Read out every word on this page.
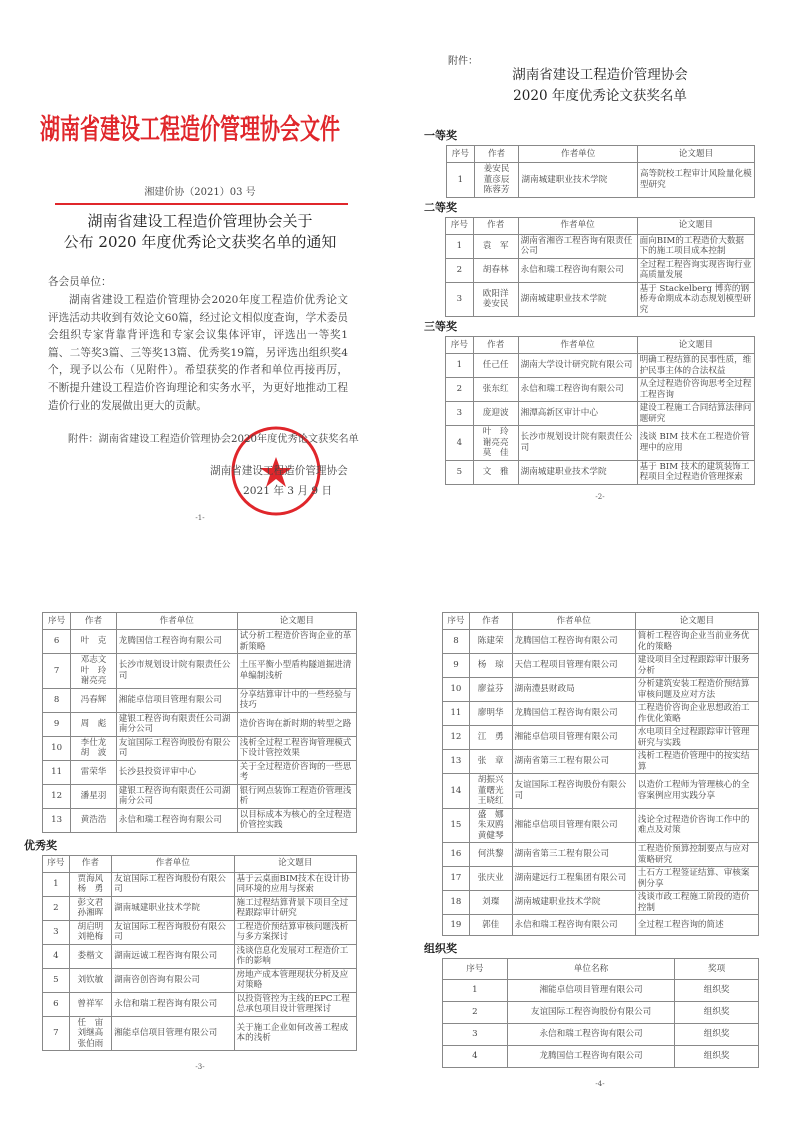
湖南省建设工程造价管理协会文件
湘建价协（2021）03 号
湖南省建设工程造价管理协会关于
公布 2020 年度优秀论文获奖名单的通知
各会员单位：
湖南省建设工程造价管理协会2020年度工程造价优秀论文评选活动共收到有效论文60篇，经过论文相似度查询，学术委员会组织专家背靠背评选和专家会议集体评审，评选出一等奖1篇、二等奖3篇、三等奖13篇、优秀奖19篇，另评选出组织奖4个，现予以公布（见附件）。希望获奖的作者和单位再接再厉，不断提升建设工程造价咨询理论和实务水平，为更好地推动工程造价行业的发展做出更大的贡献。
附件：湖南省建设工程造价管理协会2020年度优秀论文获奖名单
湖南省建设工程造价管理协会
2021 年 3 月 9 日
-1-
附件：
湖南省建设工程造价管理协会
2020 年度优秀论文获奖名单
一等奖
序号	作者	作者单位	论文题目
1	姜安民
董彦辰
陈蓉芳	湖南城建职业技术学院	高等院校工程审计风险量化模型研究
二等奖
序号	作者	作者单位	论文题目
1	袁　军	湖南省湘咨工程咨询有限责任公司	面向BIM的工程造价大数据下的施工项目成本控制
2	胡春林	永信和瑞工程咨询有限公司	全过程工程咨询实现咨询行业高质量发展
3	欧阳洋
姜安民	湖南城建职业技术学院	基于 Stackelberg 博弈的钢桥寿命期成本动态规划模型研究
三等奖
序号	作者	作者单位	论文题目
1	任己任	湖南大学设计研究院有限公司	明确工程结算的民事性质，维护民事主体的合法权益
2	张东红	永信和瑞工程咨询有限公司	从全过程造价咨询思考全过程工程咨询
3	庞迎波	湘潭高新区审计中心	建设工程施工合同结算法律问题研究
4	叶　玲
谢亮亮
莫　佳	长沙市规划设计院有限责任公司	浅谈 BIM 技术在工程造价管理中的应用
5	文　雅	湖南城建职业技术学院	基于 BIM 技术的建筑装饰工程项目全过程造价管理探索
-2-
序号	作者	作者单位	论文题目
6	叶　克	龙腾国信工程咨询有限公司	试分析工程造价咨询企业的革新策略
7	邓志文
叶　玲
谢亮亮	长沙市规划设计院有限责任公司	土压平衡小型盾构隧道掘进清单编制浅析
8	冯春辉	湘能卓信项目管理有限公司	分享结算审计中的一些经验与技巧
9	周　彪	建银工程咨询有限责任公司湖南分公司	造价咨询在新时期的转型之路
10	李仕龙
胡　波	友谊国际工程咨询股份有限公司	浅析全过程工程咨询管理模式下设计管控效果
11	雷荣华	长沙县投资评审中心	关于全过程造价咨询的一些思考
12	潘星羽	建银工程咨询有限责任公司湖南分公司	银行网点装饰工程造价管理浅析
13	黄浩浩	永信和瑞工程咨询有限公司	以目标成本为核心的全过程造价管控实践
优秀奖
序号	作者	作者单位	论文题目
1	贾海风
杨　勇	友谊国际工程咨询股份有限公司	基于云桌面BIM技术在设计协同环境的应用与探索
2	彭文君
孙湘晖	湖南城建职业技术学院	施工过程结算背景下项目全过程跟踪审计研究
3	胡启明
刘艳梅	友谊国际工程咨询股份有限公司	工程造价预结算审核问题浅析与多方案探讨
4	娄楷文	湖南远诚工程咨询有限公司	浅谈信息化发展对工程造价工作的影响
5	刘钦敏	湖南咨创咨询有限公司	房地产成本管理现状分析及应对策略
6	曾祥军	永信和瑞工程咨询有限公司	以投资管控为主线的EPC工程总承包项目设计管理探讨
7	任　宙
刘继高
张伯雨	湘能卓信项目管理有限公司	关于施工企业如何改善工程成本的浅析
-3-
序号	作者	作者单位	论文题目
8	陈建荣	龙腾国信工程咨询有限公司	简析工程咨询企业当前业务优化的策略
9	杨　琼	天信工程项目管理有限公司	建设项目全过程跟踪审计服务分析
10	廖益芬	湖南澧县财政局	分析建筑安装工程造价预结算审核问题及应对方法
11	廖明华	龙腾国信工程咨询有限公司	工程造价咨询企业思想政治工作优化策略
12	江　勇	湘能卓信项目管理有限公司	水电项目全过程跟踪审计管理研究与实践
13	张　章	湖南省第三工程有限公司	浅析工程造价管理中的按实结算
14	胡振兴
董曙光
王晓红	友谊国际工程咨询股份有限公司	以造价工程师为管理核心的全容案例应用实践分享
15	盛　娜
朱双鸥
黄健琴	湘能卓信项目管理有限公司	浅论全过程造价咨询工作中的难点及对策
16	何洪黎	湖南省第三工程有限公司	工程造价预算控制要点与应对策略研究
17	张庆业	湖南建远行工程集团有限公司	土石方工程签证结算、审核案例分享
18	刘璨	湖南城建职业技术学院	浅谈市政工程施工阶段的造价控制
19	郭佳	永信和瑞工程咨询有限公司	全过程工程咨询的简述
组织奖
序号	单位名称	奖项
1	湘能卓信项目管理有限公司	组织奖
2	友谊国际工程咨询股份有限公司	组织奖
3	永信和瑞工程咨询有限公司	组织奖
4	龙腾国信工程咨询有限公司	组织奖
-4-
